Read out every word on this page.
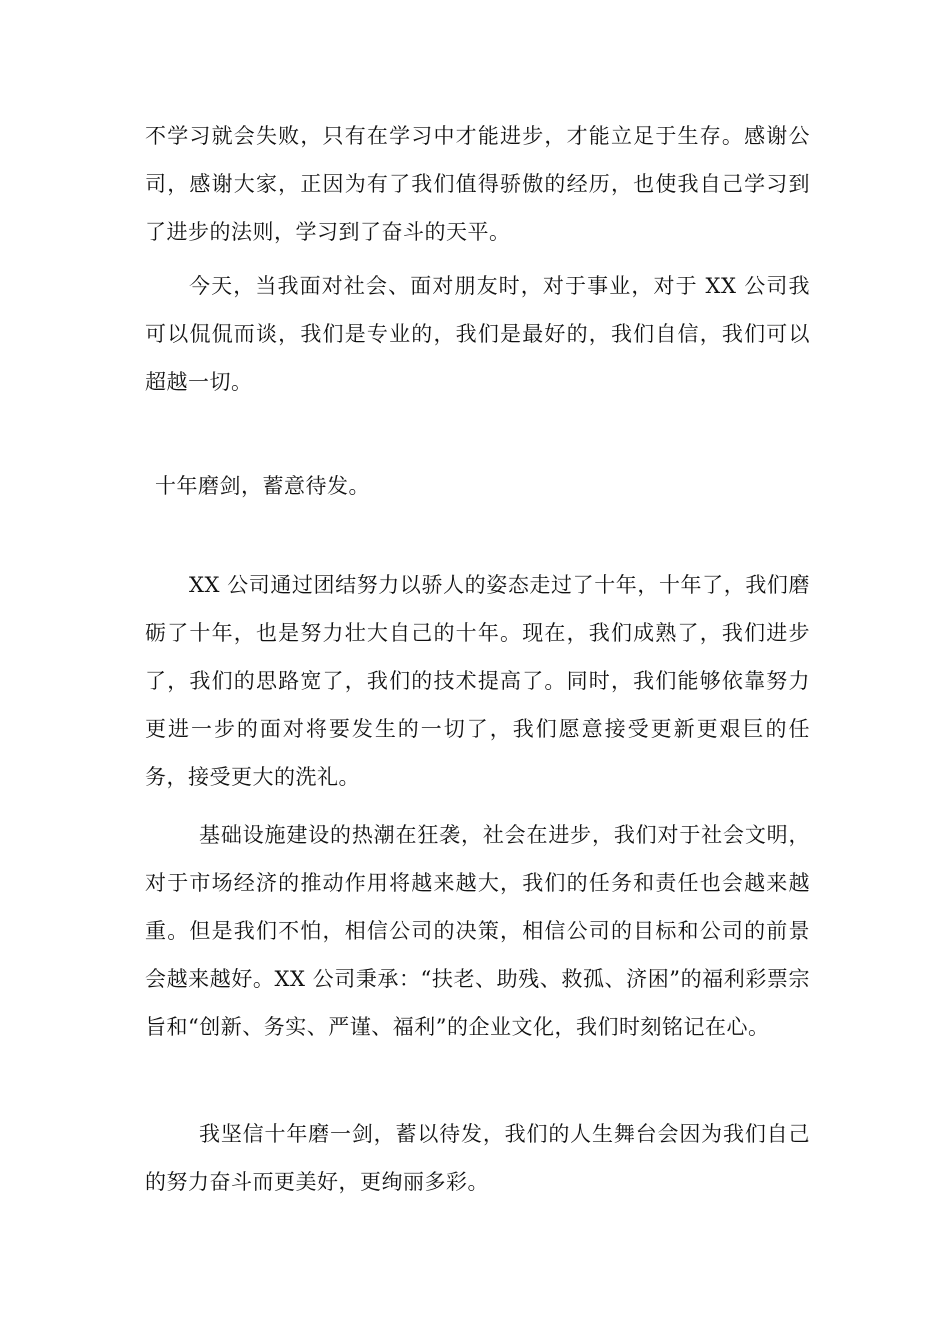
不学习就会失败，只有在学习中才能进步，才能立足于生存。感谢公司，感谢大家，正因为有了我们值得骄傲的经历，也使我自己学习到了进步的法则，学习到了奋斗的天平。

今天，当我面对社会、面对朋友时，对于事业，对于 XX 公司我可以侃侃而谈，我们是专业的，我们是最好的，我们自信，我们可以超越一切。

十年磨剑，蓄意待发。

XX 公司通过团结努力以骄人的姿态走过了十年，十年了，我们磨砺了十年，也是努力壮大自己的十年。现在，我们成熟了，我们进步了，我们的思路宽了，我们的技术提高了。同时，我们能够依靠努力更进一步的面对将要发生的一切了，我们愿意接受更新更艰巨的任务，接受更大的洗礼。

基础设施建设的热潮在狂袭，社会在进步，我们对于社会文明，对于市场经济的推动作用将越来越大，我们的任务和责任也会越来越重。但是我们不怕，相信公司的决策，相信公司的目标和公司的前景会越来越好。XX 公司秉承：“扶老、助残、救孤、济困”的福利彩票宗旨和“创新、务实、严谨、福利”的企业文化，我们时刻铭记在心。

我坚信十年磨一剑，蓄以待发，我们的人生舞台会因为我们自己的努力奋斗而更美好，更绚丽多彩。
